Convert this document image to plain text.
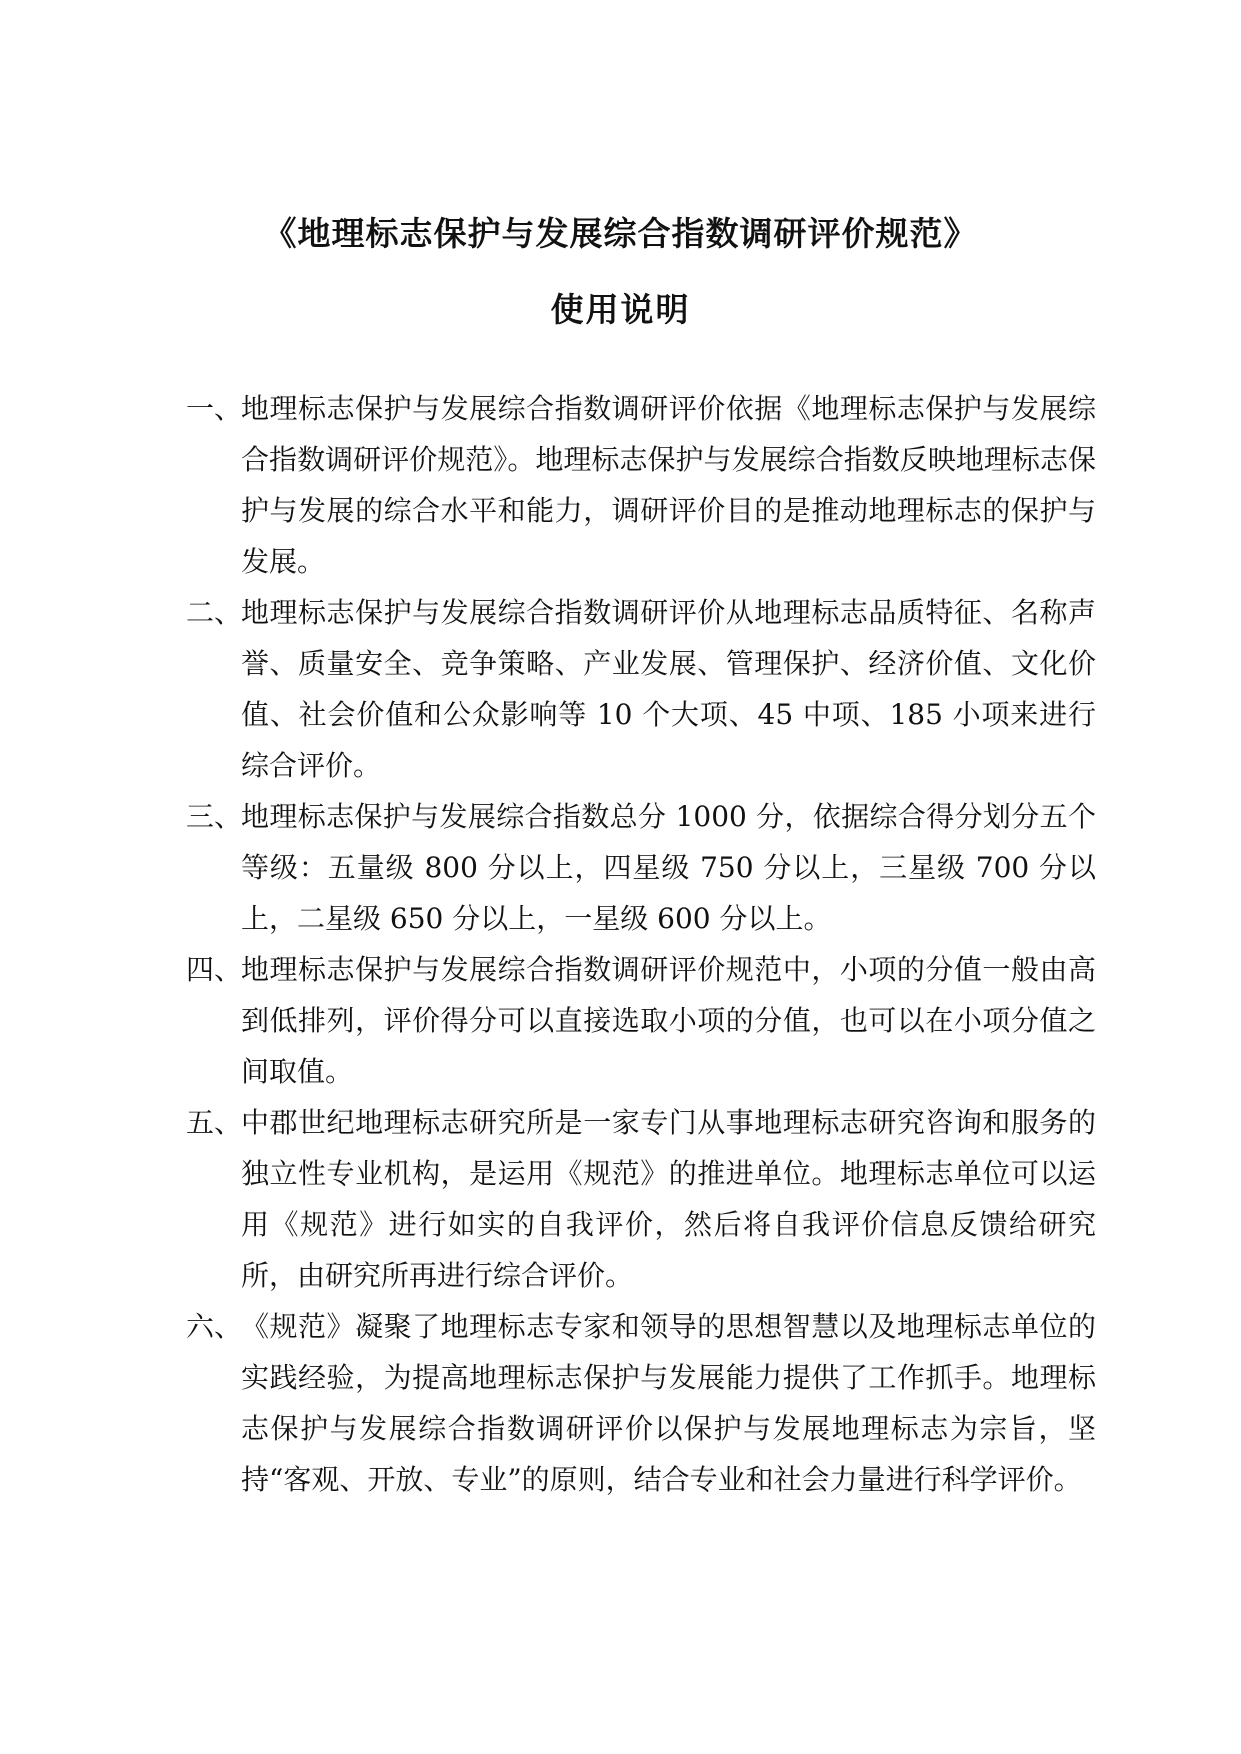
《地理标志保护与发展综合指数调研评价规范》

使用说明

一、
地理标志保护与发展综合指数调研评价依据《地理标志保护与发展综合指数调研评价规范》。地理标志保护与发展综合指数反映地理标志保护与发展的综合水平和能力，调研评价目的是推动地理标志的保护与发展。

二、
地理标志保护与发展综合指数调研评价从地理标志品质特征、名称声誉、质量安全、竞争策略、产业发展、管理保护、经济价值、文化价值、社会价值和公众影响等 10 个大项、45 中项、185 小项来进行综合评价。

三、
地理标志保护与发展综合指数总分 1000 分，依据综合得分划分五个等级：五量级 800 分以上，四星级 750 分以上，三星级 700 分以上，二星级 650 分以上，一星级 600 分以上。

四、
地理标志保护与发展综合指数调研评价规范中，小项的分值一般由高到低排列，评价得分可以直接选取小项的分值，也可以在小项分值之间取值。

五、
中郡世纪地理标志研究所是一家专门从事地理标志研究咨询和服务的独立性专业机构，是运用《规范》的推进单位。地理标志单位可以运用《规范》进行如实的自我评价，然后将自我评价信息反馈给研究所，由研究所再进行综合评价。

六、
《规范》凝聚了地理标志专家和领导的思想智慧以及地理标志单位的实践经验，为提高地理标志保护与发展能力提供了工作抓手。地理标志保护与发展综合指数调研评价以保护与发展地理标志为宗旨，坚持“客观、开放、专业”的原则，结合专业和社会力量进行科学评价。
